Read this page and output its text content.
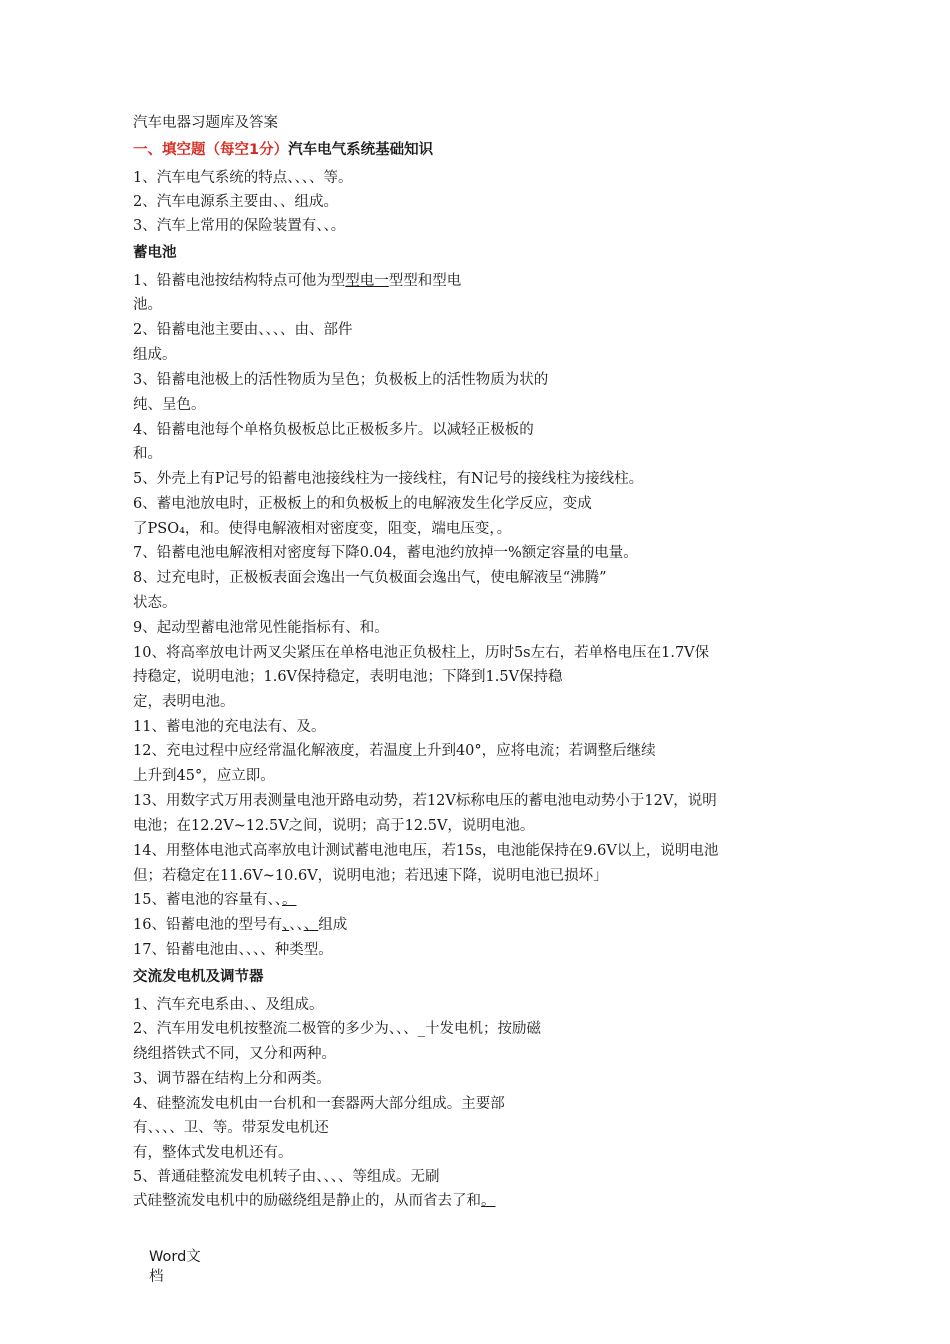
汽车电器习题库及答案
一、填空题（每空1分）汽车电气系统基础知识
1、汽车电气系统的特点、、、、等。
2、汽车电源系主要由、、组成。
3、汽车上常用的保险装置有、、。
蓄电池
1、铅蓄电池按结构特点可他为型型电一型型和型电
池。
2、铅蓄电池主要由、、、、由、部件
组成。
3、铅蓄电池极上的活性物质为呈色；负极板上的活性物质为状的
纯、呈色。
4、铅蓄电池每个单格负极板总比正极板多片。以减轻正极板的
和。
5、外壳上有P记号的铅蓄电池接线柱为一接线柱，有N记号的接线柱为接线柱。
6、蓄电池放电时，正极板上的和负极板上的电解液发生化学反应，变成
了PSO₄，和。使得电解液相对密度变，阻变，端电压变，。
7、铅蓄电池电解液相对密度每下降0.04，蓄电池约放掉一%额定容量的电量。
8、过充电时，正极板表面会逸出一气负极面会逸出气，使电解液呈“沸腾”
状态。
9、起动型蓄电池常见性能指标有、和。
10、将高率放电计两叉尖紧压在单格电池正负极柱上，历时5s左右，若单格电压在1.7V保
持稳定，说明电池；1.6V保持稳定，表明电池；下降到1.5V保持稳
定，表明电池。
11、蓄电池的充电法有、及。
12、充电过程中应经常温化解液度，若温度上升到40°，应将电流；若调整后继续
上升到45°，应立即。
13、用数字式万用表测量电池开路电动势，若12V标称电压的蓄电池电动势小于12V，说明
电池；在12.2V~12.5V之间，说明；高于12.5V，说明电池。
14、用整体电池式高率放电计测试蓄电池电压，若15s，电池能保持在9.6V以上，说明电池
但；若稳定在11.6V~10.6V，说明电池；若迅速下降，说明电池已损坏」
15、蓄电池的容量有、、。
16、铅蓄电池的型号有、、、、组成
17、铅蓄电池由、、、、种类型。
交流发电机及调节器
1、汽车充电系由、、及组成。
2、汽车用发电机按整流二极管的多少为、、、_十发电机；按励磁
绕组搭铁式不同，又分和两种。
3、调节器在结构上分和两类。
4、硅整流发电机由一台机和一套器两大部分组成。主要部
有、、、、卫、等。带泵发电机还
有，整体式发电机还有。
5、普通硅整流发电机转子由、、、、等组成。无刷
式硅整流发电机中的励磁绕组是静止的，从而省去了和。
Word文
档
